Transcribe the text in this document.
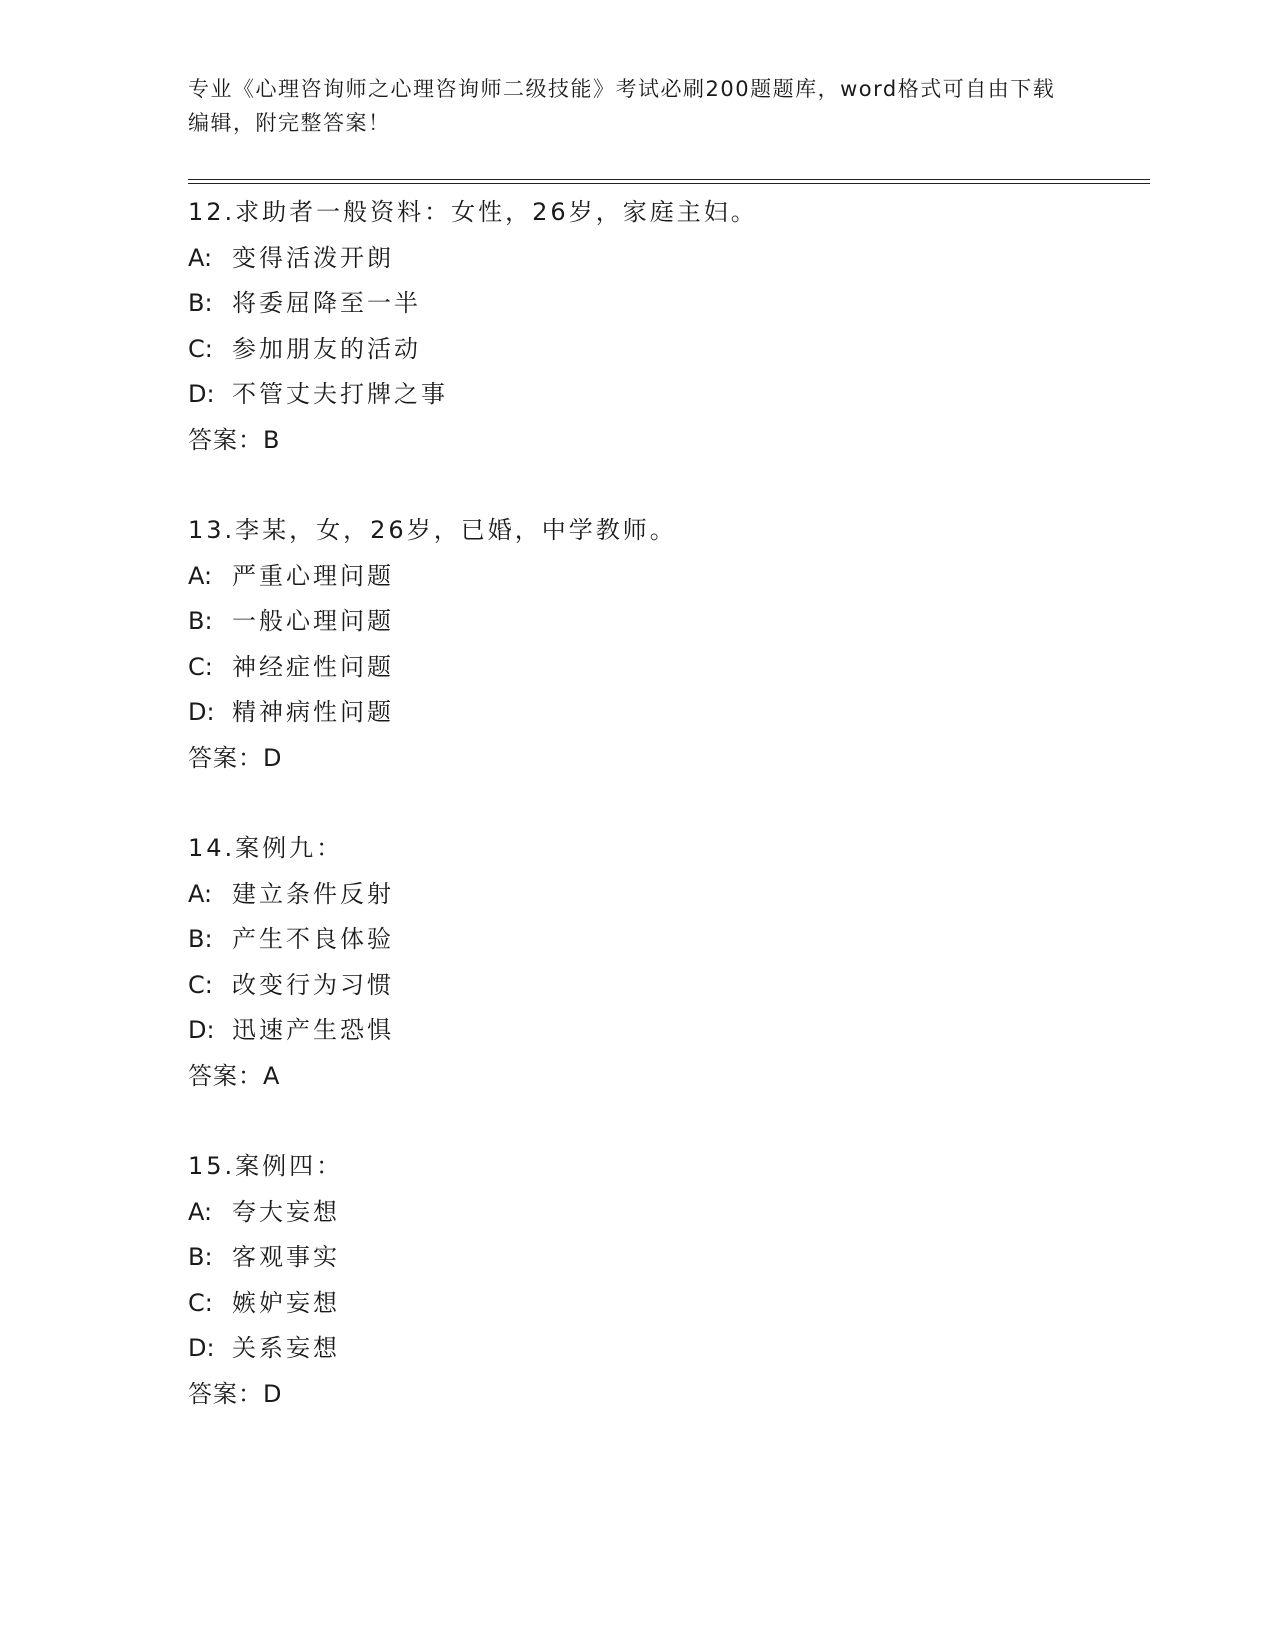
专业《心理咨询师之心理咨询师二级技能》考试必刷200题题库，word格式可自由下载编辑，附完整答案！
12.求助者一般资料：女性，26岁，家庭主妇。
A: 变得活泼开朗
B: 将委屈降至一半
C: 参加朋友的活动
D: 不管丈夫打牌之事
答案：B
13.李某，女，26岁，已婚，中学教师。
A: 严重心理问题
B: 一般心理问题
C: 神经症性问题
D: 精神病性问题
答案：D
14.案例九：
A: 建立条件反射
B: 产生不良体验
C: 改变行为习惯
D: 迅速产生恐惧
答案：A
15.案例四：
A: 夸大妄想
B: 客观事实
C: 嫉妒妄想
D: 关系妄想
答案：D
